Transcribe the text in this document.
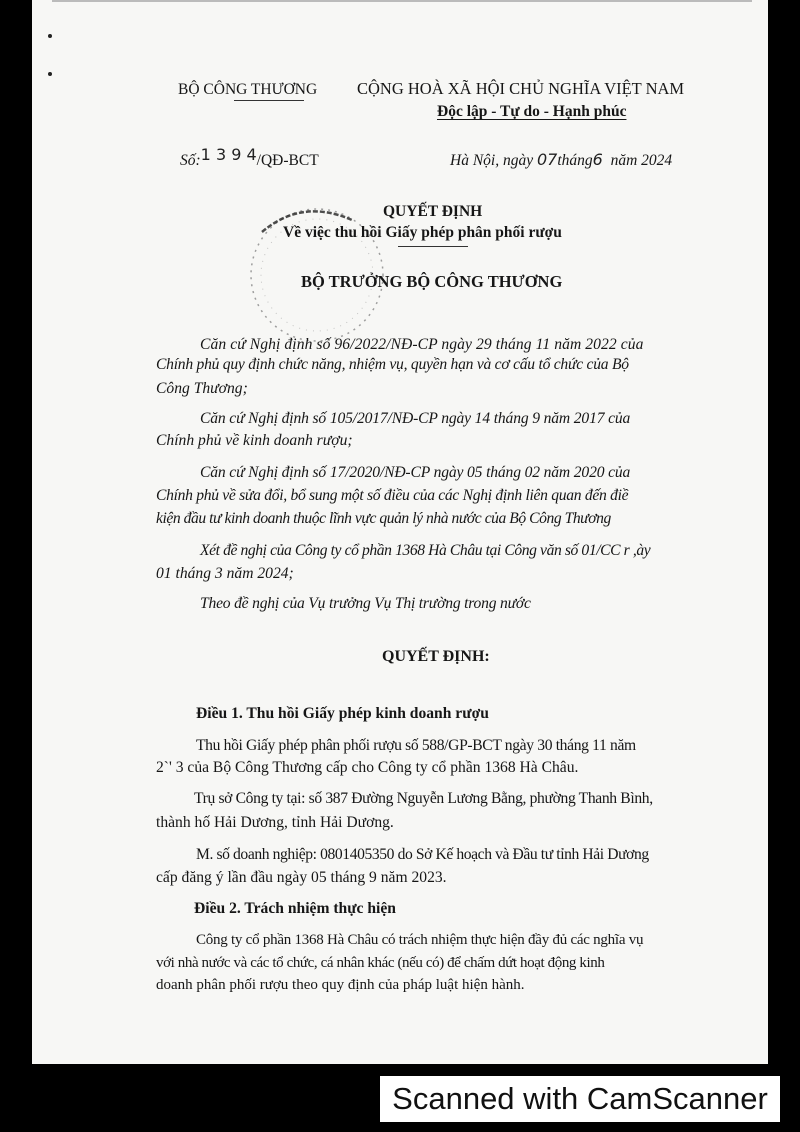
BỘ CÔNG THƯƠNG CỘNG HOÀ XÃ HỘI CHỦ NGHĨA VIỆT NAM
Độc lập - Tự do - Hạnh phúc
Số:1 3 9 4/QĐ-BCT	Hà Nội, ngày 07tháng6 năm 2024
QUYẾT ĐỊNH
Về việc thu hồi Giấy phép phân phối rượu
BỘ TRƯỞNG BỘ CÔNG THƯƠNG
Căn cứ Nghị định số 96/2022/NĐ-CP ngày 29 tháng 11 năm 2022 của
Chính phủ quy định chức năng, nhiệm vụ, quyền hạn và cơ cấu tổ chức của Bộ
Công Thương;
Căn cứ Nghị định số 105/2017/NĐ-CP ngày 14 tháng 9 năm 2017 của
Chính phủ về kinh doanh rượu;
Căn cứ Nghị định số 17/2020/NĐ-CP ngày 05 tháng 02 năm 2020 của
Chính phủ về sửa đổi, bổ sung một số điều của các Nghị định liên quan đến điề
kiện đầu tư kinh doanh thuộc lĩnh vực quản lý nhà nước của Bộ Công Thương
Xét đề nghị của Công ty cổ phần 1368 Hà Châu tại Công văn số 01/CC r ,ày
01 tháng 3 năm 2024;
Theo đề nghị của Vụ trưởng Vụ Thị trường trong nước
QUYẾT ĐỊNH:
Điều 1. Thu hồi Giấy phép kinh doanh rượu
Thu hồi Giấy phép phân phối rượu số 588/GP-BCT ngày 30 tháng 11 năm
2`' 3 của Bộ Công Thương cấp cho Công ty cổ phần 1368 Hà Châu.
Trụ sở Công ty tại: số 387 Đường Nguyễn Lương Bằng, phường Thanh Bình,
thành hố Hải Dương, tỉnh Hải Dương.
M. số doanh nghiệp: 0801405350 do Sở Kế hoạch và Đầu tư tỉnh Hải Dương
cấp đăng ý lần đầu ngày 05 tháng 9 năm 2023.
Điều 2. Trách nhiệm thực hiện
Công ty cổ phần 1368 Hà Châu có trách nhiệm thực hiện đầy đủ các nghĩa vụ
với nhà nước và các tổ chức, cá nhân khác (nếu có) để chấm dứt hoạt động kinh
doanh phân phối rượu theo quy định của pháp luật hiện hành.
Scanned with CamScanner
